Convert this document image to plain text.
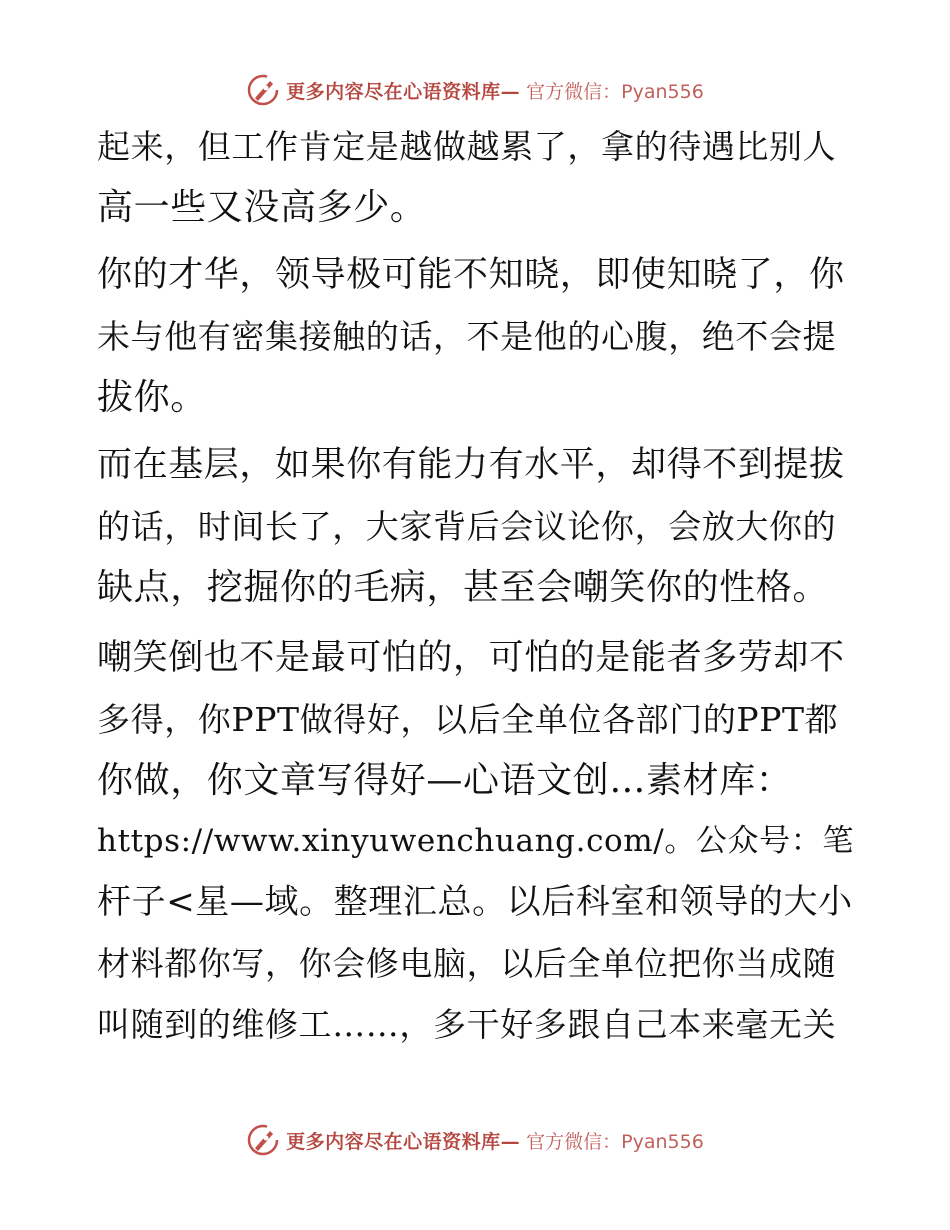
更多内容尽在心语资料库— 官方微信：Pyan556
起来，但工作肯定是越做越累了，拿的待遇比别人
高一些又没高多少。
你的才华，领导极可能不知晓，即使知晓了，你
未与他有密集接触的话，不是他的心腹，绝不会提
拔你。
而在基层，如果你有能力有水平，却得不到提拔
的话，时间长了，大家背后会议论你，会放大你的
缺点，挖掘你的毛病，甚至会嘲笑你的性格。
嘲笑倒也不是最可怕的，可怕的是能者多劳却不
多得，你PPT做得好，以后全单位各部门的PPT都
你做，你文章写得好—心语文创…素材库：
https://www.xinyuwenchuang.com/。公众号：笔
杆子<星—域。整理汇总。以后科室和领导的大小
材料都你写，你会修电脑，以后全单位把你当成随
叫随到的维修工……，多干好多跟自己本来毫无关
更多内容尽在心语资料库— 官方微信：Pyan556
